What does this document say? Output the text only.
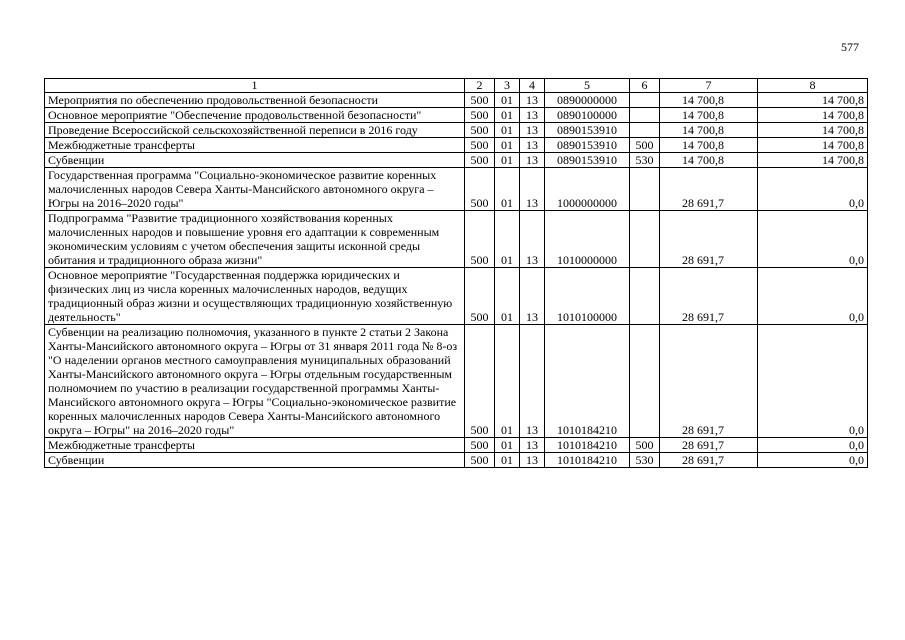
577
1	2	3	4	5	6	7	8
Мероприятия по обеспечению продовольственной безопасности	500	01	13	0890000000		14 700,8	14 700,8
Основное мероприятие "Обеспечение продовольственной безопасности"	500	01	13	0890100000		14 700,8	14 700,8
Проведение Всероссийской сельскохозяйственной переписи в 2016 году	500	01	13	0890153910		14 700,8	14 700,8
Межбюджетные трансферты	500	01	13	0890153910	500	14 700,8	14 700,8
Субвенции	500	01	13	0890153910	530	14 700,8	14 700,8
Государственная программа "Социально-экономическое развитие коренных малочисленных народов Севера Ханты-Мансийского автономного округа – Югры на 2016–2020 годы"	500	01	13	1000000000		28 691,7	0,0
Подпрограмма "Развитие традиционного хозяйствования коренных малочисленных народов и повышение уровня его адаптации к современным экономическим условиям с учетом обеспечения защиты исконной среды обитания и традиционного образа жизни"	500	01	13	1010000000		28 691,7	0,0
Основное мероприятие "Государственная поддержка юридических и физических лиц из числа коренных малочисленных народов, ведущих традиционный образ жизни и осуществляющих традиционную хозяйственную деятельность"	500	01	13	1010100000		28 691,7	0,0
Субвенции на реализацию полномочия, указанного в пункте 2 статьи 2 Закона Ханты-Мансийского автономного округа – Югры от 31 января 2011 года № 8-оз "О наделении органов местного самоуправления муниципальных образований Ханты-Мансийского автономного округа – Югры отдельным государственным полномочием по участию в реализации государственной программы Ханты-Мансийского автономного округа – Югры "Социально-экономическое развитие коренных малочисленных народов Севера Ханты-Мансийского автономного округа – Югры" на 2016–2020 годы"	500	01	13	1010184210		28 691,7	0,0
Межбюджетные трансферты	500	01	13	1010184210	500	28 691,7	0,0
Субвенции	500	01	13	1010184210	530	28 691,7	0,0
